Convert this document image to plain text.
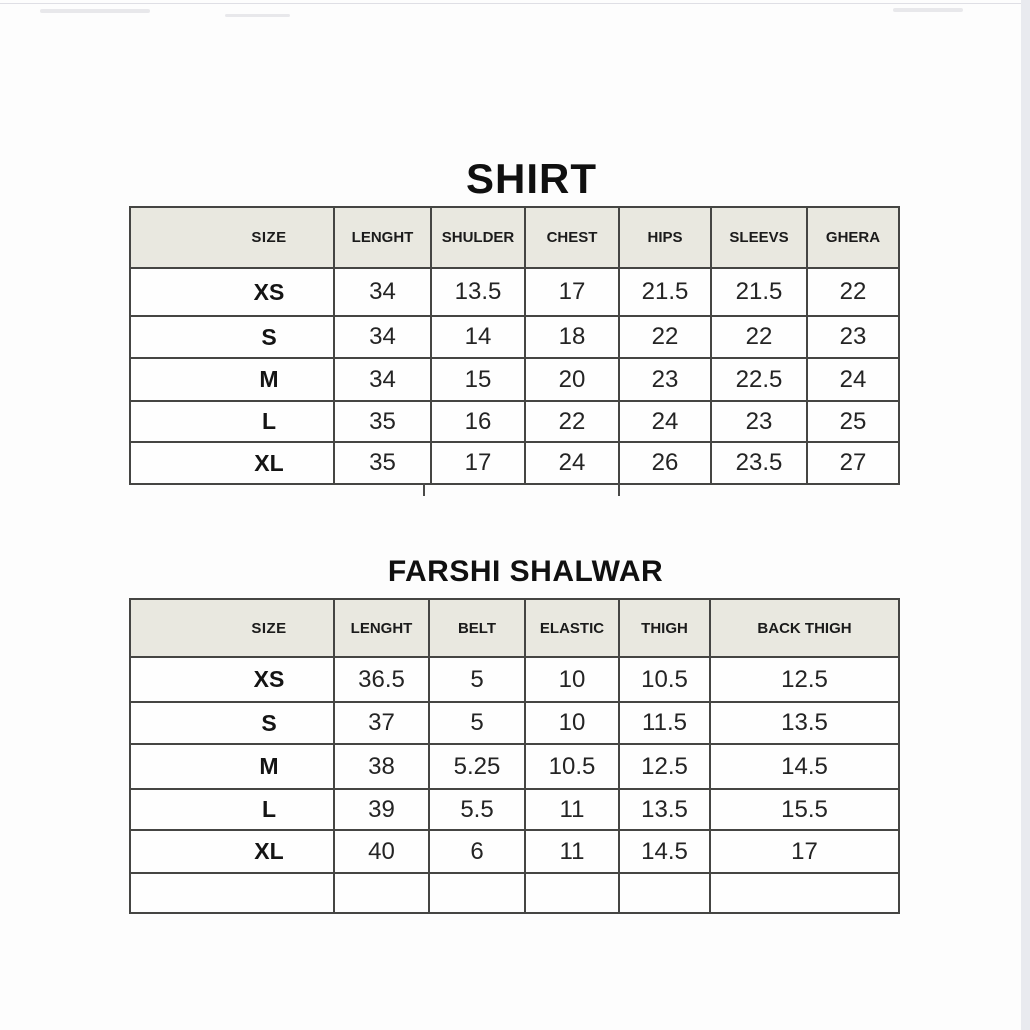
SHIRT
SIZE	LENGHT	SHULDER	CHEST	HIPS	SLEEVS	GHERA
XS	34	13.5	17	21.5	21.5	22
S	34	14	18	22	22	23
M	34	15	20	23	22.5	24
L	35	16	22	24	23	25
XL	35	17	24	26	23.5	27
FARSHI SHALWAR
SIZE	LENGHT	BELT	ELASTIC	THIGH	BACK THIGH
XS	36.5	5	10	10.5	12.5
S	37	5	10	11.5	13.5
M	38	5.25	10.5	12.5	14.5
L	39	5.5	11	13.5	15.5
XL	40	6	11	14.5	17
